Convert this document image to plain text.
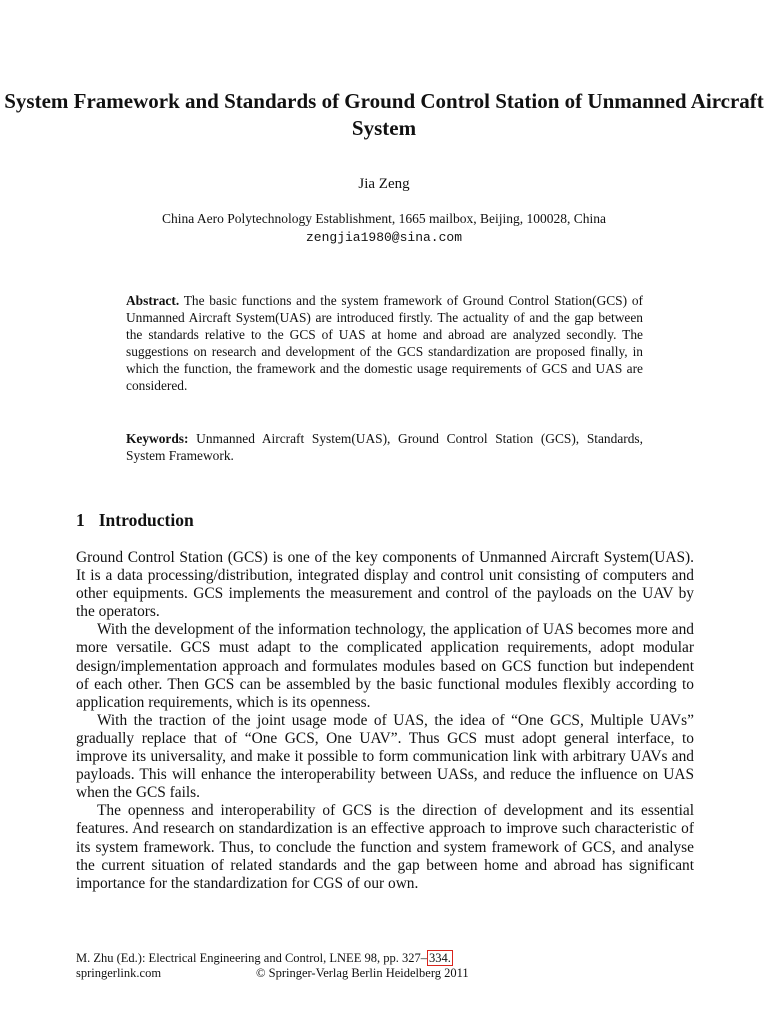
System Framework and Standards of Ground Control Station of Unmanned Aircraft System
Jia Zeng
China Aero Polytechnology Establishment, 1665 mailbox, Beijing, 100028, China
zengjia1980@sina.com
Abstract. The basic functions and the system framework of Ground Control Station(GCS) of Unmanned Aircraft System(UAS) are introduced firstly. The actuality of and the gap between the standards relative to the GCS of UAS at home and abroad are analyzed secondly. The suggestions on research and development of the GCS standardization are proposed finally, in which the function, the framework and the domestic usage requirements of GCS and UAS are considered.
Keywords: Unmanned Aircraft System(UAS), Ground Control Station (GCS), Standards, System Framework.
1 Introduction

Ground Control Station (GCS) is one of the key components of Unmanned Aircraft System(UAS). It is a data processing/distribution, integrated display and control unit consisting of computers and other equipments. GCS implements the measurement and control of the payloads on the UAV by the operators.

With the development of the information technology, the application of UAS becomes more and more versatile. GCS must adapt to the complicated application requirements, adopt modular design/implementation approach and formulates modules based on GCS function but independent of each other. Then GCS can be assembled by the basic functional modules flexibly according to application requirements, which is its openness.

With the traction of the joint usage mode of UAS, the idea of “One GCS, Multiple UAVs” gradually replace that of “One GCS, One UAV”. Thus GCS must adopt general interface, to improve its universality, and make it possible to form communication link with arbitrary UAVs and payloads. This will enhance the interoperability between UASs, and reduce the influence on UAS when the GCS fails.

The openness and interoperability of GCS is the direction of development and its essential features. And research on standardization is an effective approach to improve such characteristic of its system framework. Thus, to conclude the function and system framework of GCS, and analyse the current situation of related standards and the gap between home and abroad has significant importance for the standardization for CGS of our own.

M. Zhu (Ed.): Electrical Engineering and Control, LNEE 98, pp. 327– 334.
springerlink.com	© Springer-Verlag Berlin Heidelberg 2011
